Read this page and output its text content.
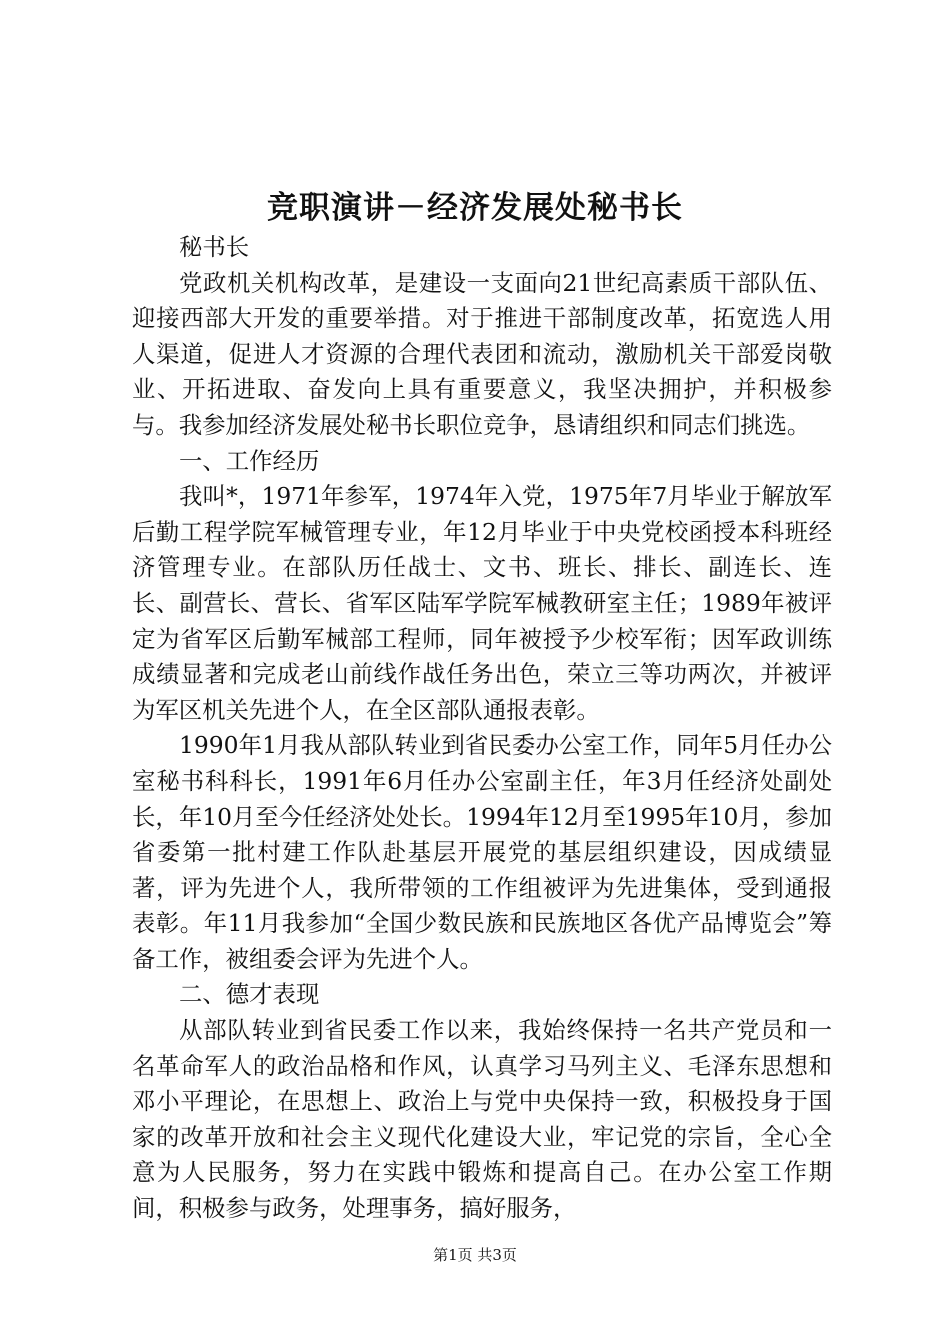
竞职演讲－经济发展处秘书长

秘书长

党政机关机构改革，是建设一支面向21世纪高素质干部队伍、迎接西部大开发的重要举措。对于推进干部制度改革，拓宽选人用人渠道，促进人才资源的合理代表团和流动，激励机关干部爱岗敬业、开拓进取、奋发向上具有重要意义，我坚决拥护，并积极参与。我参加经济发展处秘书长职位竞争，恳请组织和同志们挑选。

一、工作经历

我叫*，1971年参军，1974年入党，1975年7月毕业于解放军后勤工程学院军械管理专业，年12月毕业于中央党校函授本科班经济管理专业。在部队历任战士、文书、班长、排长、副连长、连长、副营长、营长、省军区陆军学院军械教研室主任；1989年被评定为省军区后勤军械部工程师，同年被授予少校军衔；因军政训练成绩显著和完成老山前线作战任务出色，荣立三等功两次，并被评为军区机关先进个人，在全区部队通报表彰。

1990年1月我从部队转业到省民委办公室工作，同年5月任办公室秘书科科长，1991年6月任办公室副主任，年3月任经济处副处长，年10月至今任经济处处长。1994年12月至1995年10月，参加省委第一批村建工作队赴基层开展党的基层组织建设，因成绩显著，评为先进个人，我所带领的工作组被评为先进集体，受到通报表彰。年11月我参加“全国少数民族和民族地区各优产品博览会”筹备工作，被组委会评为先进个人。

二、德才表现

从部队转业到省民委工作以来，我始终保持一名共产党员和一名革命军人的政治品格和作风，认真学习马列主义、毛泽东思想和邓小平理论，在思想上、政治上与党中央保持一致，积极投身于国家的改革开放和社会主义现代化建设大业，牢记党的宗旨，全心全意为人民服务，努力在实践中锻炼和提高自己。在办公室工作期间，积极参与政务，处理事务，搞好服务，

第1页 共3页
